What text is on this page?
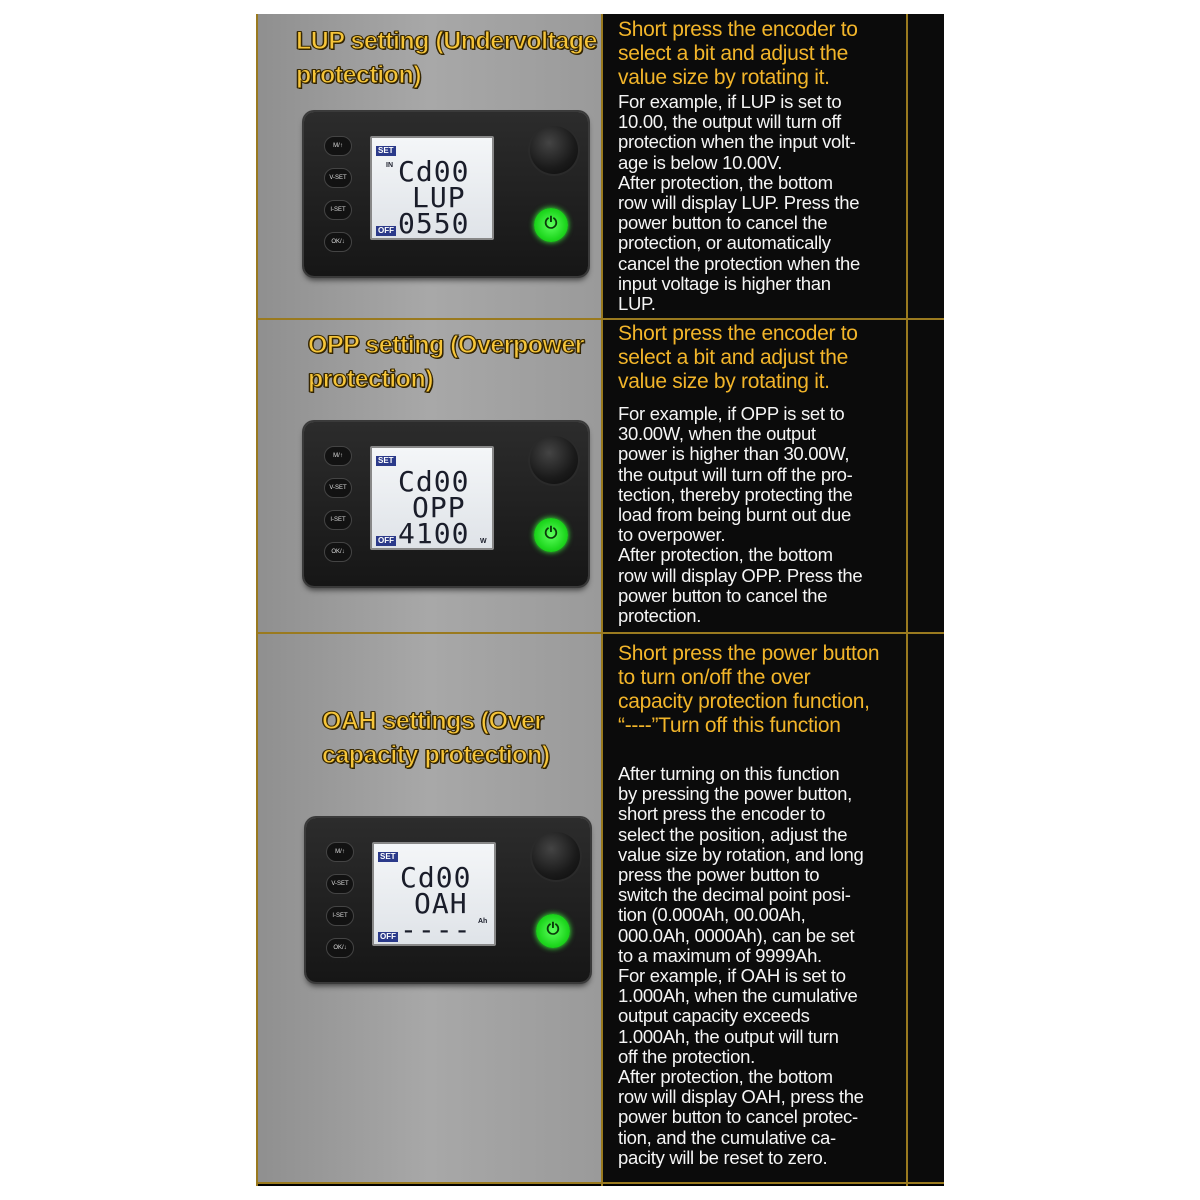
LUP setting (Undervoltage
protection)
M/↑
V-SET
I-SET
OK/↓
SET
IN Cd00
LUP
OFF 0550	⏻
Short press the encoder to
select a bit and adjust the
value size by rotating it.
For example, if LUP is set to
10.00, the output will turn off
protection when the input volt-
age is below 10.00V.
After protection, the bottom
row will display LUP. Press the
power button to cancel the
protection, or automatically
cancel the protection when the
input voltage is higher than
LUP.
OPP setting (Overpower
protection)
M/↑
V-SET
I-SET
OK/↓
SET
Cd00
OPP
OFF 4100 W	⏻
Short press the encoder to
select a bit and adjust the
value size by rotating it.
For example, if OPP is set to
30.00W, when the output
power is higher than 30.00W,
the output will turn off the pro-
tection, thereby protecting the
load from being burnt out due
to overpower.
After protection, the bottom
row will display OPP. Press the
power button to cancel the
protection.
OAH settings (Over
capacity protection)
M/↑
V-SET
I-SET
OK/↓
SET
Cd00
OAH
OFF ---- Ah	⏻
Short press the power button
to turn on/off the over
capacity protection function,
“----”Turn off this function
After turning on this function
by pressing the power button,
short press the encoder to
select the position, adjust the
value size by rotation, and long
press the power button to
switch the decimal point posi-
tion (0.000Ah, 00.00Ah,
000.0Ah, 0000Ah), can be set
to a maximum of 9999Ah.
For example, if OAH is set to
1.000Ah, when the cumulative
output capacity exceeds
1.000Ah, the output will turn
off the protection.
After protection, the bottom
row will display OAH, press the
power button to cancel protec-
tion, and the cumulative ca-
pacity will be reset to zero.
